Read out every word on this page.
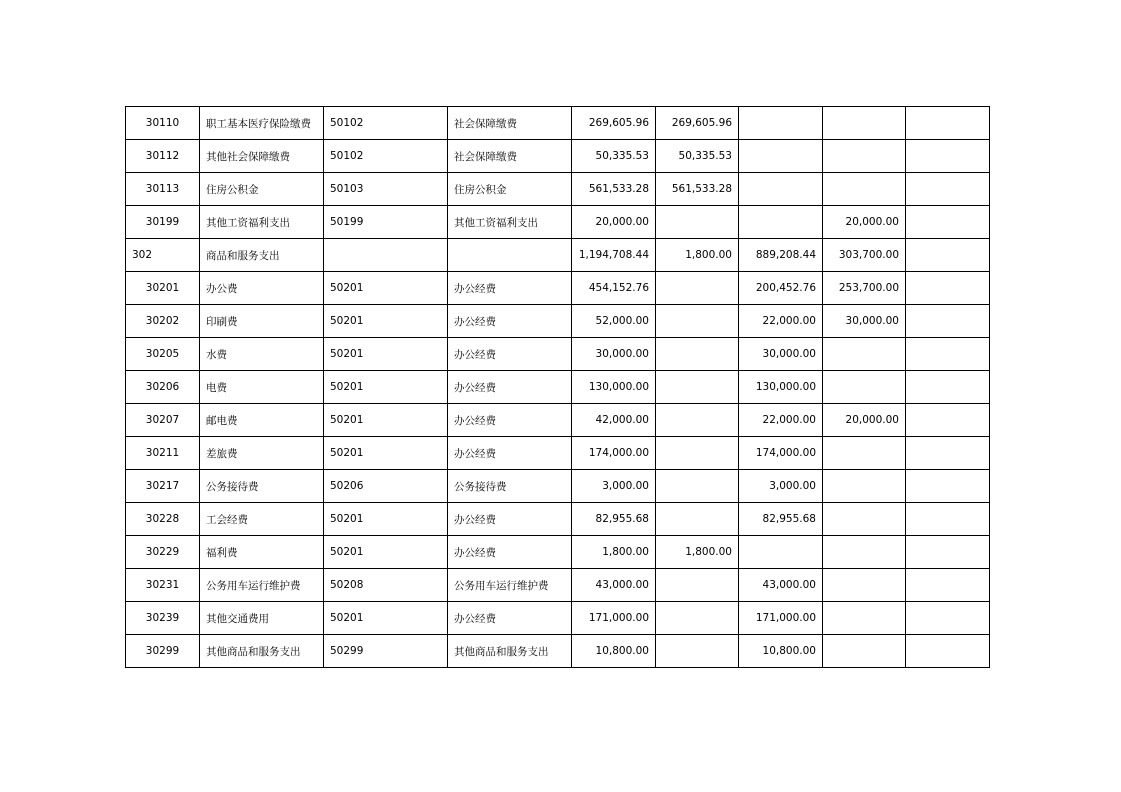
30110	职工基本医疗保险缴费	50102	社会保障缴费	269,605.96	269,605.96			
30112	其他社会保障缴费	50102	社会保障缴费	50,335.53	50,335.53			
30113	住房公积金	50103	住房公积金	561,533.28	561,533.28			
30199	其他工资福利支出	50199	其他工资福利支出	20,000.00			20,000.00	
302	商品和服务支出			1,194,708.44	1,800.00	889,208.44	303,700.00	
30201	办公费	50201	办公经费	454,152.76		200,452.76	253,700.00	
30202	印刷费	50201	办公经费	52,000.00		22,000.00	30,000.00	
30205	水费	50201	办公经费	30,000.00		30,000.00		
30206	电费	50201	办公经费	130,000.00		130,000.00		
30207	邮电费	50201	办公经费	42,000.00		22,000.00	20,000.00	
30211	差旅费	50201	办公经费	174,000.00		174,000.00		
30217	公务接待费	50206	公务接待费	3,000.00		3,000.00		
30228	工会经费	50201	办公经费	82,955.68		82,955.68		
30229	福利费	50201	办公经费	1,800.00	1,800.00			
30231	公务用车运行维护费	50208	公务用车运行维护费	43,000.00		43,000.00		
30239	其他交通费用	50201	办公经费	171,000.00		171,000.00		
30299	其他商品和服务支出	50299	其他商品和服务支出	10,800.00		10,800.00		
